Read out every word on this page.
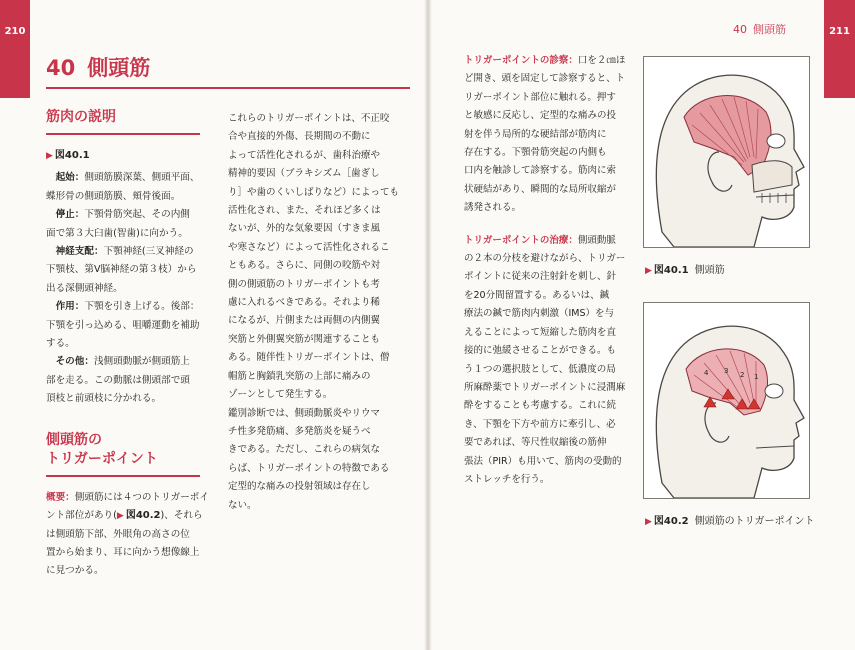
210	211
40 側頭筋
40 側頭筋
筋肉の説明

▶ 図40.1

起始：側頭筋膜深葉、側頭平面、

蝶形骨の側頭筋膜、頬骨後面。

停止：下顎骨筋突起、その内側

面で第３大臼歯(智歯)に向かう。

神経支配：下顎神経(三叉神経の

下顎枝、第Ⅴ脳神経の第３枝）から

出る深側頭神経。

作用：下顎を引き上げる。後部：

下顎を引っ込める、咀嚼運動を補助

する。

その他：浅側頭動脈が側頭筋上

部を走る。この動脈は側頭部で頭

頂枝と前頭枝に分かれる。

側頭筋の
トリガーポイント

概要：側頭筋には４つのトリガーポイ

ント部位があり(▶ 図40.2)、それら

は側頭筋下部、外眼角の高さの位

置から始まり、耳に向かう想像線上

に見つかる。

これらのトリガーポイントは、不正咬

合や直接的外傷、長期間の不動に

よって活性化されるが、歯科治療や

精神的要因（ブラキシズム［歯ぎし

り］や歯のくいしばりなど）によっても

活性化され、また、それほど多くは

ないが、外的な気象要因（すきま風

や寒さなど）によって活性化されるこ

ともある。さらに、同側の咬筋や対

側の側頭筋のトリガーポイントも考

慮に入れるべきである。それより稀

になるが、片側または両側の内側翼

突筋と外側翼突筋が関連することも

ある。随伴性トリガーポイントは、僧

帽筋と胸鎖乳突筋の上部に痛みの

ゾーンとして発生する。

鑑別診断では、側頭動脈炎やリウマ

チ性多発筋痛、多発筋炎を疑うべ

きである。ただし、これらの病気な

らば、トリガーポイントの特徴である

定型的な痛みの投射領域は存在し

ない。

トリガーポイントの診察：口を２㎝ほ

ど開き、頭を固定して診察すると、ト

リガーポイント部位に触れる。押す

と敏感に反応し、定型的な痛みの投

射を伴う局所的な硬結部が筋肉に

存在する。下顎骨筋突起の内側も

口内を触診して診察する。筋肉に索

状硬結があり、瞬間的な局所収縮が

誘発される。

トリガーポイントの治療：側頭動脈

の２本の分枝を避けながら、トリガー

ポイントに従来の注射針を刺し、針

を20分間留置する。あるいは、鍼

療法の鍼で筋肉内刺激（IMS）を与

えることによって短縮した筋肉を直

接的に弛緩させることができる。も

う１つの選択肢として、低濃度の局

所麻酔薬でトリガーポイントに浸潤麻

酔をすることも考慮する。これに続

き、下顎を下方や前方に牽引し、必

要であれば、等尺性収縮後の筋伸

張法（PIR）も用いて、筋肉の受動的

ストレッチを行う。

▶ 図40.1 側頭筋
4 3 2 1
▶ 図40.2 側頭筋のトリガーポイント
